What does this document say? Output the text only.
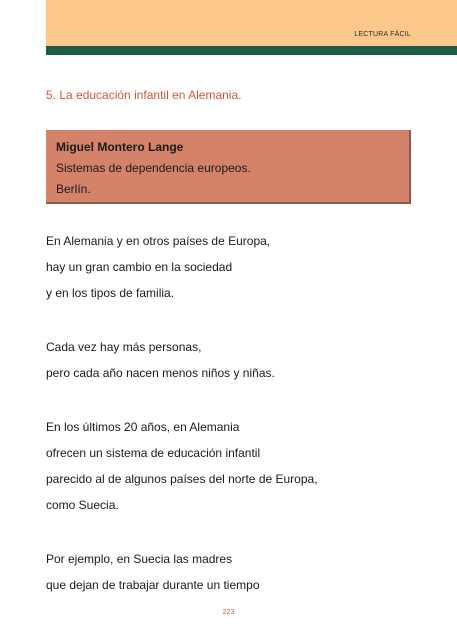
LECTURA FÁCIL
5. La educación infantil en Alemania.
Miguel Montero Lange
Sistemas de dependencia europeos.
Berlín.
En Alemania y en otros países de Europa,
hay un gran cambio en la sociedad
y en los tipos de familia.
Cada vez hay más personas,
pero cada año nacen menos niños y niñas.
En los últimos 20 años, en Alemania
ofrecen un sistema de educación infantil
parecido al de algunos países del norte de Europa,
como Suecia.
Por ejemplo, en Suecia las madres
que dejan de trabajar durante un tiempo
223
